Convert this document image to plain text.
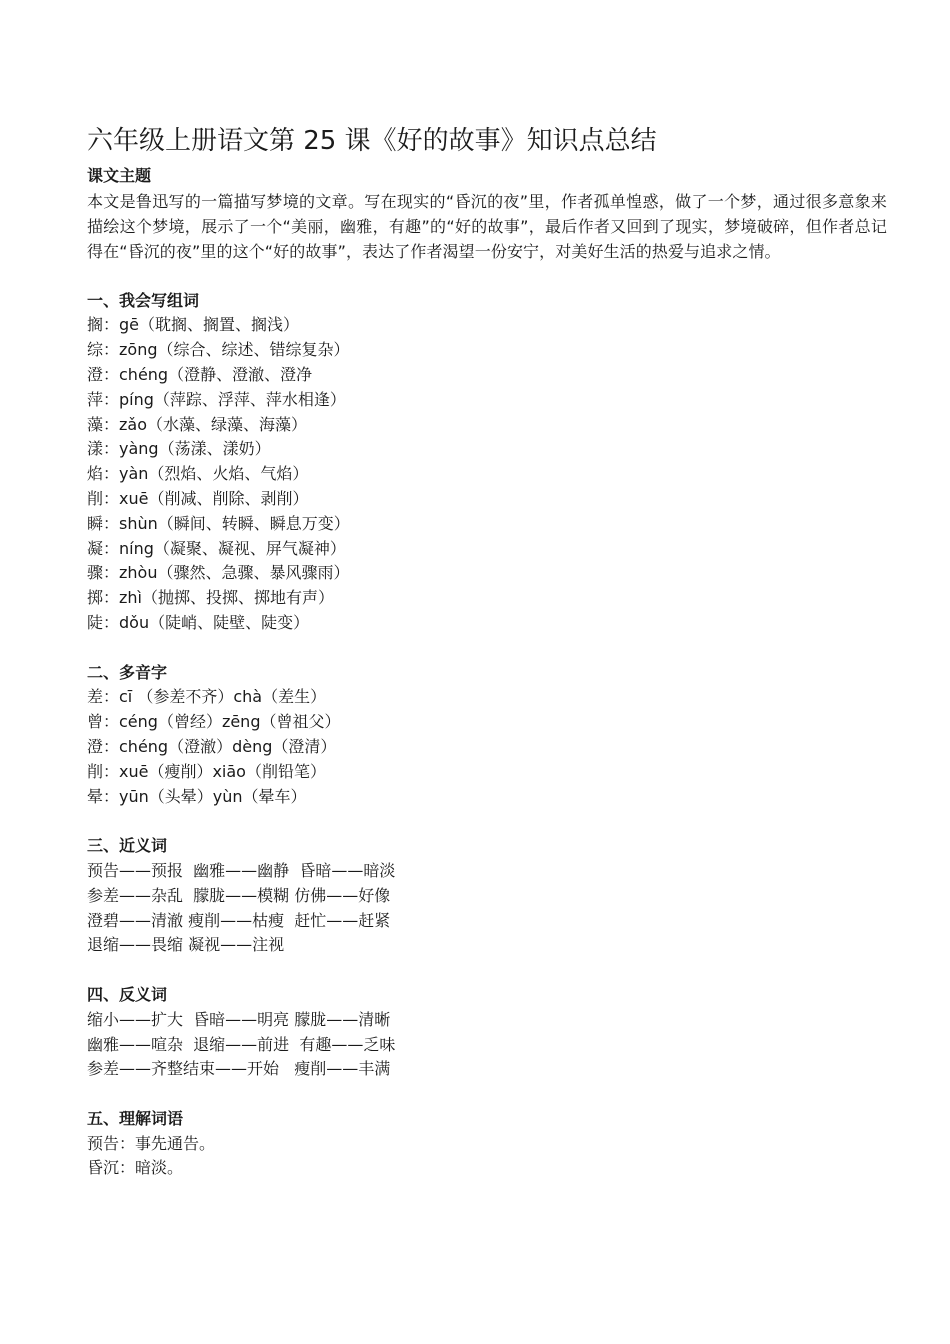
六年级上册语文第 25 课《好的故事》知识点总结

课文主题

本文是鲁迅写的一篇描写梦境的文章。写在现实的“昏沉的夜”里，作者孤单惶惑，做了一个梦，通过很多意象来描绘这个梦境，展示了一个“美丽，幽雅，有趣”的“好的故事”，最后作者又回到了现实，梦境破碎，但作者总记得在“昏沉的夜”里的这个“好的故事”，表达了作者渴望一份安宁，对美好生活的热爱与追求之情。

一、我会写组词

搁：gē（耽搁、搁置、搁浅）

综：zōng（综合、综述、错综复杂）

澄：chéng（澄静、澄澈、澄净

萍：píng（萍踪、浮萍、萍水相逢）

藻：zǎo（水藻、绿藻、海藻）

漾：yàng（荡漾、漾奶）

焰：yàn（烈焰、火焰、气焰）

削：xuē（削减、削除、剥削）

瞬：shùn（瞬间、转瞬、瞬息万变）

凝：níng（凝聚、凝视、屏气凝神）

骤：zhòu（骤然、急骤、暴风骤雨）

掷：zhì（抛掷、投掷、掷地有声）

陡：dǒu（陡峭、陡壁、陡变）

二、多音字

差：cī （参差不齐）chà（差生）

曾：céng（曾经）zēng（曾祖父）

澄：chéng（澄澈）dèng（澄清）

削：xuē（瘦削）xiāo（削铅笔）

晕：yūn（头晕）yùn（晕车）

三、近义词

预告——预报  幽雅——幽静  昏暗——暗淡

参差——杂乱  朦胧——模糊 仿佛——好像

澄碧——清澈 瘦削——枯瘦  赶忙——赶紧

退缩——畏缩 凝视——注视

四、反义词

缩小——扩大  昏暗——明亮 朦胧——清晰

幽雅——喧杂  退缩——前进  有趣——乏味

参差——齐整结束——开始   瘦削——丰满

五、理解词语

预告：事先通告。

昏沉：暗淡。
